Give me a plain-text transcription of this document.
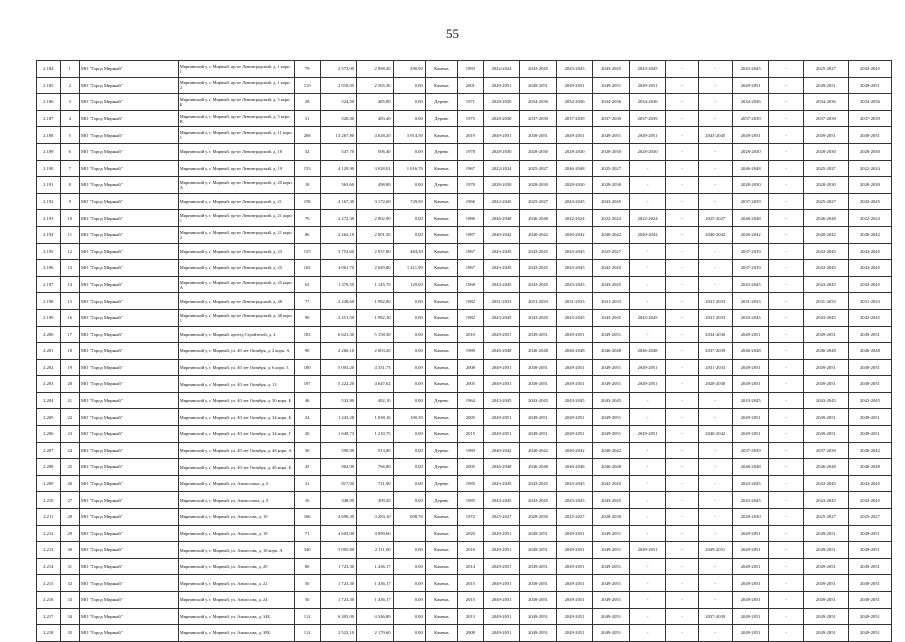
55
2.184	1	МО "Город Мирный"	Мирнинский у, г. Мирный, пр-кт Ленинградский, д. 1 корп. 1	79	2 573,00	2 088,40	290,90	Камень	1993	2022-2024	2043-2045	2043-2045	2043-2045	2043-2045	-	-	2043-2045	-	2025-2027	2043-2045
2.185	2	МО "Город Мирный"	Мирнинский у, г. Мирный, пр-кт Ленинградский, д. 1 корп. 2	110	2 918,05	2 565,30	0,00	Камень	2001	2049-2051	2049-2051	2049-2051	2049-2051	2049-2051	-	-	2049-2051	-	2049-2051	2049-2051
2.186	3	МО "Город Мирный"	Мирнинский у, г. Мирный, пр-кт Ленинградский, д. 5 корп. Б	28	524,50	485,80	0,00	Дерево	1971	2028-2030	2034-2036	2034-2036	2034-2036	2034-2036	-	-	2034-2036	-	2034-2036	2034-2036
2.187	4	МО "Город Мирный"	Мирнинский у, г. Мирный, пр-кт Ленинградский, д. 5 корп. В	31	520,00	483,40	0,00	Дерево	1975	2028-2030	2037-2039	2037-2039	2037-2039	2037-2039	-	-	2037-2039	-	2037-2039	2037-2039
2.188	5	МО "Город Мирный"	Мирнинский у, г. Мирный, пр-кт Ленинградский, д. 11 корп. 1	268	13 267,80	4 628,20	3 914,50	Камень	2019	2049-2051	2049-2051	2049-2051	2049-2051	2049-2051	-	2043-2045	2049-2051	-	2049-2051	2049-2051
2.189	6	МО "Город Мирный"	Мирнинский у, г. Мирный, пр-кт Ленинградский, д. 18	32	547,70	506,40	0,00	Дерево	1978	2028-2030	2028-2030	2028-2030	2028-2030	2028-2030	-	-	2028-2030	-	2028-2030	2028-2030
2.190	7	МО "Город Мирный"	Мирнинский у, г. Мирный, пр-кт Ленинградский, д. 19	153	4 129,90	3 028,01	1 016,70	Камень	1967	2022-2024	2025-2027	2046-2048	2025-2027	-	-	-	2046-2048	-	2025-2027	2022-2024
2.191	8	МО "Город Мирный"	Мирнинский у, г. Мирный, пр-кт Ленинградский, д. 20 корп. А	18	563,60	498,80	0,00	Дерево	1978	2028-2030	2028-2030	2028-2030	2028-2030	-	-	-	2028-2030	-	2028-2030	2028-2030
2.192	9	МО "Город Мирный"	Мирнинский у, г. Мирный, пр-кт Ленинградский, д. 21	158	4 167,30	3 172,60	729,50	Камень	1966	2043-2045	2025-2027	2043-2045	2043-2045	-	-	-	2037-2039	-	2025-2027	2043-2045
2.193	10	МО "Город Мирный"	Мирнинский у, г. Мирный, пр-кт Ленинградский, д. 21 корп. 1	70	2 272,30	2 002,90	0,00	Камень	1986	2046-2048	2046-2048	2022-2024	2022-2024	2022-2024	-	2025-2027	2046-2048	-	2046-2048	2022-2024
2.194	11	МО "Город Мирный"	Мирнинский у, г. Мирный, пр-кт Ленинградский, д. 21 корп. 2	86	2 262,10	2 001,50	0,00	Камень	1987	2040-2042	2040-2042	2040-2042	2040-2042	2040-2042	-	2040-2042	2040-2042	-	2040-2042	2040-2042
2.195	12	МО "Город Мирный"	Мирнинский у, г. Мирный, пр-кт Ленинградский, д. 23	155	3 753,60	2 937,80	484,30	Камень	1967	2043-2045	2043-2045	2043-2045	2025-2027	-	-	-	2037-2039	-	2043-2045	2043-2045
2.196	13	МО "Город Мирный"	Мирнинский у, г. Мирный, пр-кт Ленинградский, д. 25	102	4 061,70	2 649,80	1 411,90	Камень	1967	2043-2045	2043-2045	2043-2045	2043-2045	-	-	-	2037-2039	-	2043-2045	2043-2045
2.197	14	МО "Город Мирный"	Мирнинский у, г. Мирный, пр-кт Ленинградский, д. 25 корп. А	63	1 370,50	1 145,70	129,00	Камень	1968	2043-2045	2043-2045	2043-2045	2043-2045	-	-	-	2043-2045	-	2043-2045	2043-2045
2.198	15	МО "Город Мирный"	Мирнинский у, г. Мирный, пр-кт Ленинградский, д. 48	77	2 248,60	1 982,80	0,00	Камень	1982	2031-2033	2031-2033	2031-2033	2031-2033	-	-	2031-2033	2031-2033	-	2031-2033	2031-2033
2.199	16	МО "Город Мирный"	Мирнинский у, г. Мирный, пр-кт Ленинградский, д. 48 корп. 1	90	2 251,50	1 982,10	0,00	Камень	1982	2043-2045	2043-2045	2043-2045	2043-2045	2043-2045	-	2031-2033	2043-2045	-	2043-2045	2043-2045
2.200	17	МО "Город Мирный"	Мирнинский у, г. Мирный, проезд Стройтелей, д. 2	183	6 621,30	5 158,30	0,00	Камень	2010	2049-2051	2049-2051	2049-2051	2049-2051	-	-	2034-2036	2049-2051	-	2049-2051	2049-2051
2.201	18	МО "Город Мирный"	Мирнинский у, г. Мирный, ул. 40 лет Октября, д. 2 корп. А	90	2 266,10	2 003,20	0,00	Камень	1989	2046-2048	2046-2048	2046-2048	2046-2048	2046-2048	-	2037-2039	2046-2048	-	2046-2048	2046-2048
2.202	19	МО "Город Мирный"	Мирнинский у, г. Мирный, ул. 40 лет Октября, д. 6 корп. 3	180	5 003,20	4 351,73	0,00	Камень	2008	2049-2051	2049-2051	2049-2051	2049-2051	2049-2051	-	2031-2033	2049-2051	-	2049-2051	2049-2051
2.203	20	МО "Город Мирный"	Мирнинский у, г. Мирный, ул. 40 лет Октября, д. 13	197	5 222,20	4 647,62	0,00	Камень	2005	2049-2051	2049-2051	2049-2051	2049-2051	2049-2051	-	2028-2030	2049-2051	-	2049-2051	2049-2051
2.204	21	МО "Город Мирный"	Мирнинский у, г. Мирный, ул. 40 лет Октября, д. 30 корп. Б	46	532,80	492,10	0,00	Дерево	1964	2043-2045	2043-2045	2043-2045	2043-2045	-	-	-	2043-2045	-	2043-2045	2043-2045
2.205	22	МО "Город Мирный"	Мирнинский у, г. Мирный, ул. 40 лет Октября, д. 34 корп. Б	24	1 243,28	1 038,16	100,30	Камень	2005	2049-2051	2049-2051	2049-2051	2049-2051	-	-	-	2049-2051	-	2049-2051	2049-2051
2.206	23	МО "Город Мирный"	Мирнинский у, г. Мирный, ул. 40 лет Октября, д. 34 корп. Г	20	1 648,73	1 210,75	0,00	Камень	2015	2049-2051	2049-2051	2049-2051	2049-2051	2049-2051	-	2040-2042	2049-2051	-	2049-2051	2049-2051
2.207	24	МО "Город Мирный"	Мирнинский у, г. Мирный, ул. 40 лет Октября, д. 46 корп. А	30	590,00	513,80	0,00	Дерево	1969	2040-2042	2040-2042	2040-2042	2040-2042	-	-	-	2037-2039	-	2037-2039	2040-2042
2.208	25	МО "Город Мирный"	Мирнинский у, г. Мирный, ул. 40 лет Октября, д. 46 корп. Б	45	904,90	766,80	0,00	Дерево	2005	2046-2048	2046-2048	2046-2048	2046-2048	-	-	-	2046-2048	-	2046-2048	2046-2048
2.209	26	МО "Город Мирный"	Мирнинский у, г. Мирный, ул. Аммосовых, д. 6	31	817,00	721,90	0,00	Дерево	1985	2043-2045	2043-2045	2043-2045	2043-2045	-	-	-	2043-2045	-	2043-2045	2043-2045
2.210	27	МО "Город Мирный"	Мирнинский у, г. Мирный, ул. Аммосовых, д. 8	16	348,90	309,20	0,00	Дерево	1985	2043-2045	2043-2045	2043-2045	2043-2045	-	-	-	2043-2045	-	2043-2045	2043-2045
2.211	28	МО "Город Мирный"	Мирнинский у, г. Мирный, ул. Аммосова, д. 10	166	4 690,30	3 283,10	608,70	Камень	1972	2025-2027	2028-2030	2025-2027	2028-2030	-	-	-	2028-2030	-	2025-2027	2025-2027
2.212	29	МО "Город Мирный"	Мирнинский у, г. Мирный, ул. Аммосова, д. 18	71	4 602,00	4 099,60		Камень	2020	2049-2051	2049-2051	2049-2051	2049-2051	-	-	-	2049-2051	-	2049-2051	2049-2051
2.213	30	МО "Город Мирный"	Мирнинский у, г. Мирный, ул. Аммосова, д. 18 корп. А	340	5 005,80	2 111,00	0,00	Камень	2016	2049-2051	2049-2051	2049-2051	2049-2051	2049-2051	-	2049-2051	2049-2051	-	2049-2051	2049-2051
2.214	31	МО "Город Мирный"	Мирнинский у, г. Мирный, ул. Аммосова, д. 20	80	1 723,30	1 436,17	0,00	Камень	2014	2049-2051	2049-2051	2049-2051	2049-2051	-	-	-	2049-2051	-	2049-2051	2049-2051
2.215	32	МО "Город Мирный"	Мирнинский у, г. Мирный, ул. Аммосова, д. 22	50	1 723,30	1 436,17	0,00	Камень	2015	2049-2051	2049-2051	2049-2051	2049-2051	-	-	-	2049-2051	-	2049-2051	2049-2051
2.216	33	МО "Город Мирный"	Мирнинский у, г. Мирный, ул. Аммосова, д. 24	50	1 723,30	1 436,17	0,00	Камень	2015	2049-2051	2049-2051	2049-2051	2049-2051	-	-	-	2049-2051	-	2049-2051	2049-2051
2.217	34	МО "Город Мирный"	Мирнинский у, г. Мирный, ул. Аммосова, д. 34Б	112	6 305,00	4 346,80	0,00	Камень	2013	2049-2051	2049-2051	2049-2051	2049-2051	-	-	2037-2039	2049-2051	-	2049-2051	2049-2051
2.218	35	МО "Город Мирный"	Мирнинский у, г. Мирный, ул. Аммосова, д. 38Б	112	2 523,10	2 179,60	0,00	Камень	2008	2049-2051	2049-2051	2049-2051	2049-2051	-	-	-	2049-2051	-	2049-2051	2049-2051
